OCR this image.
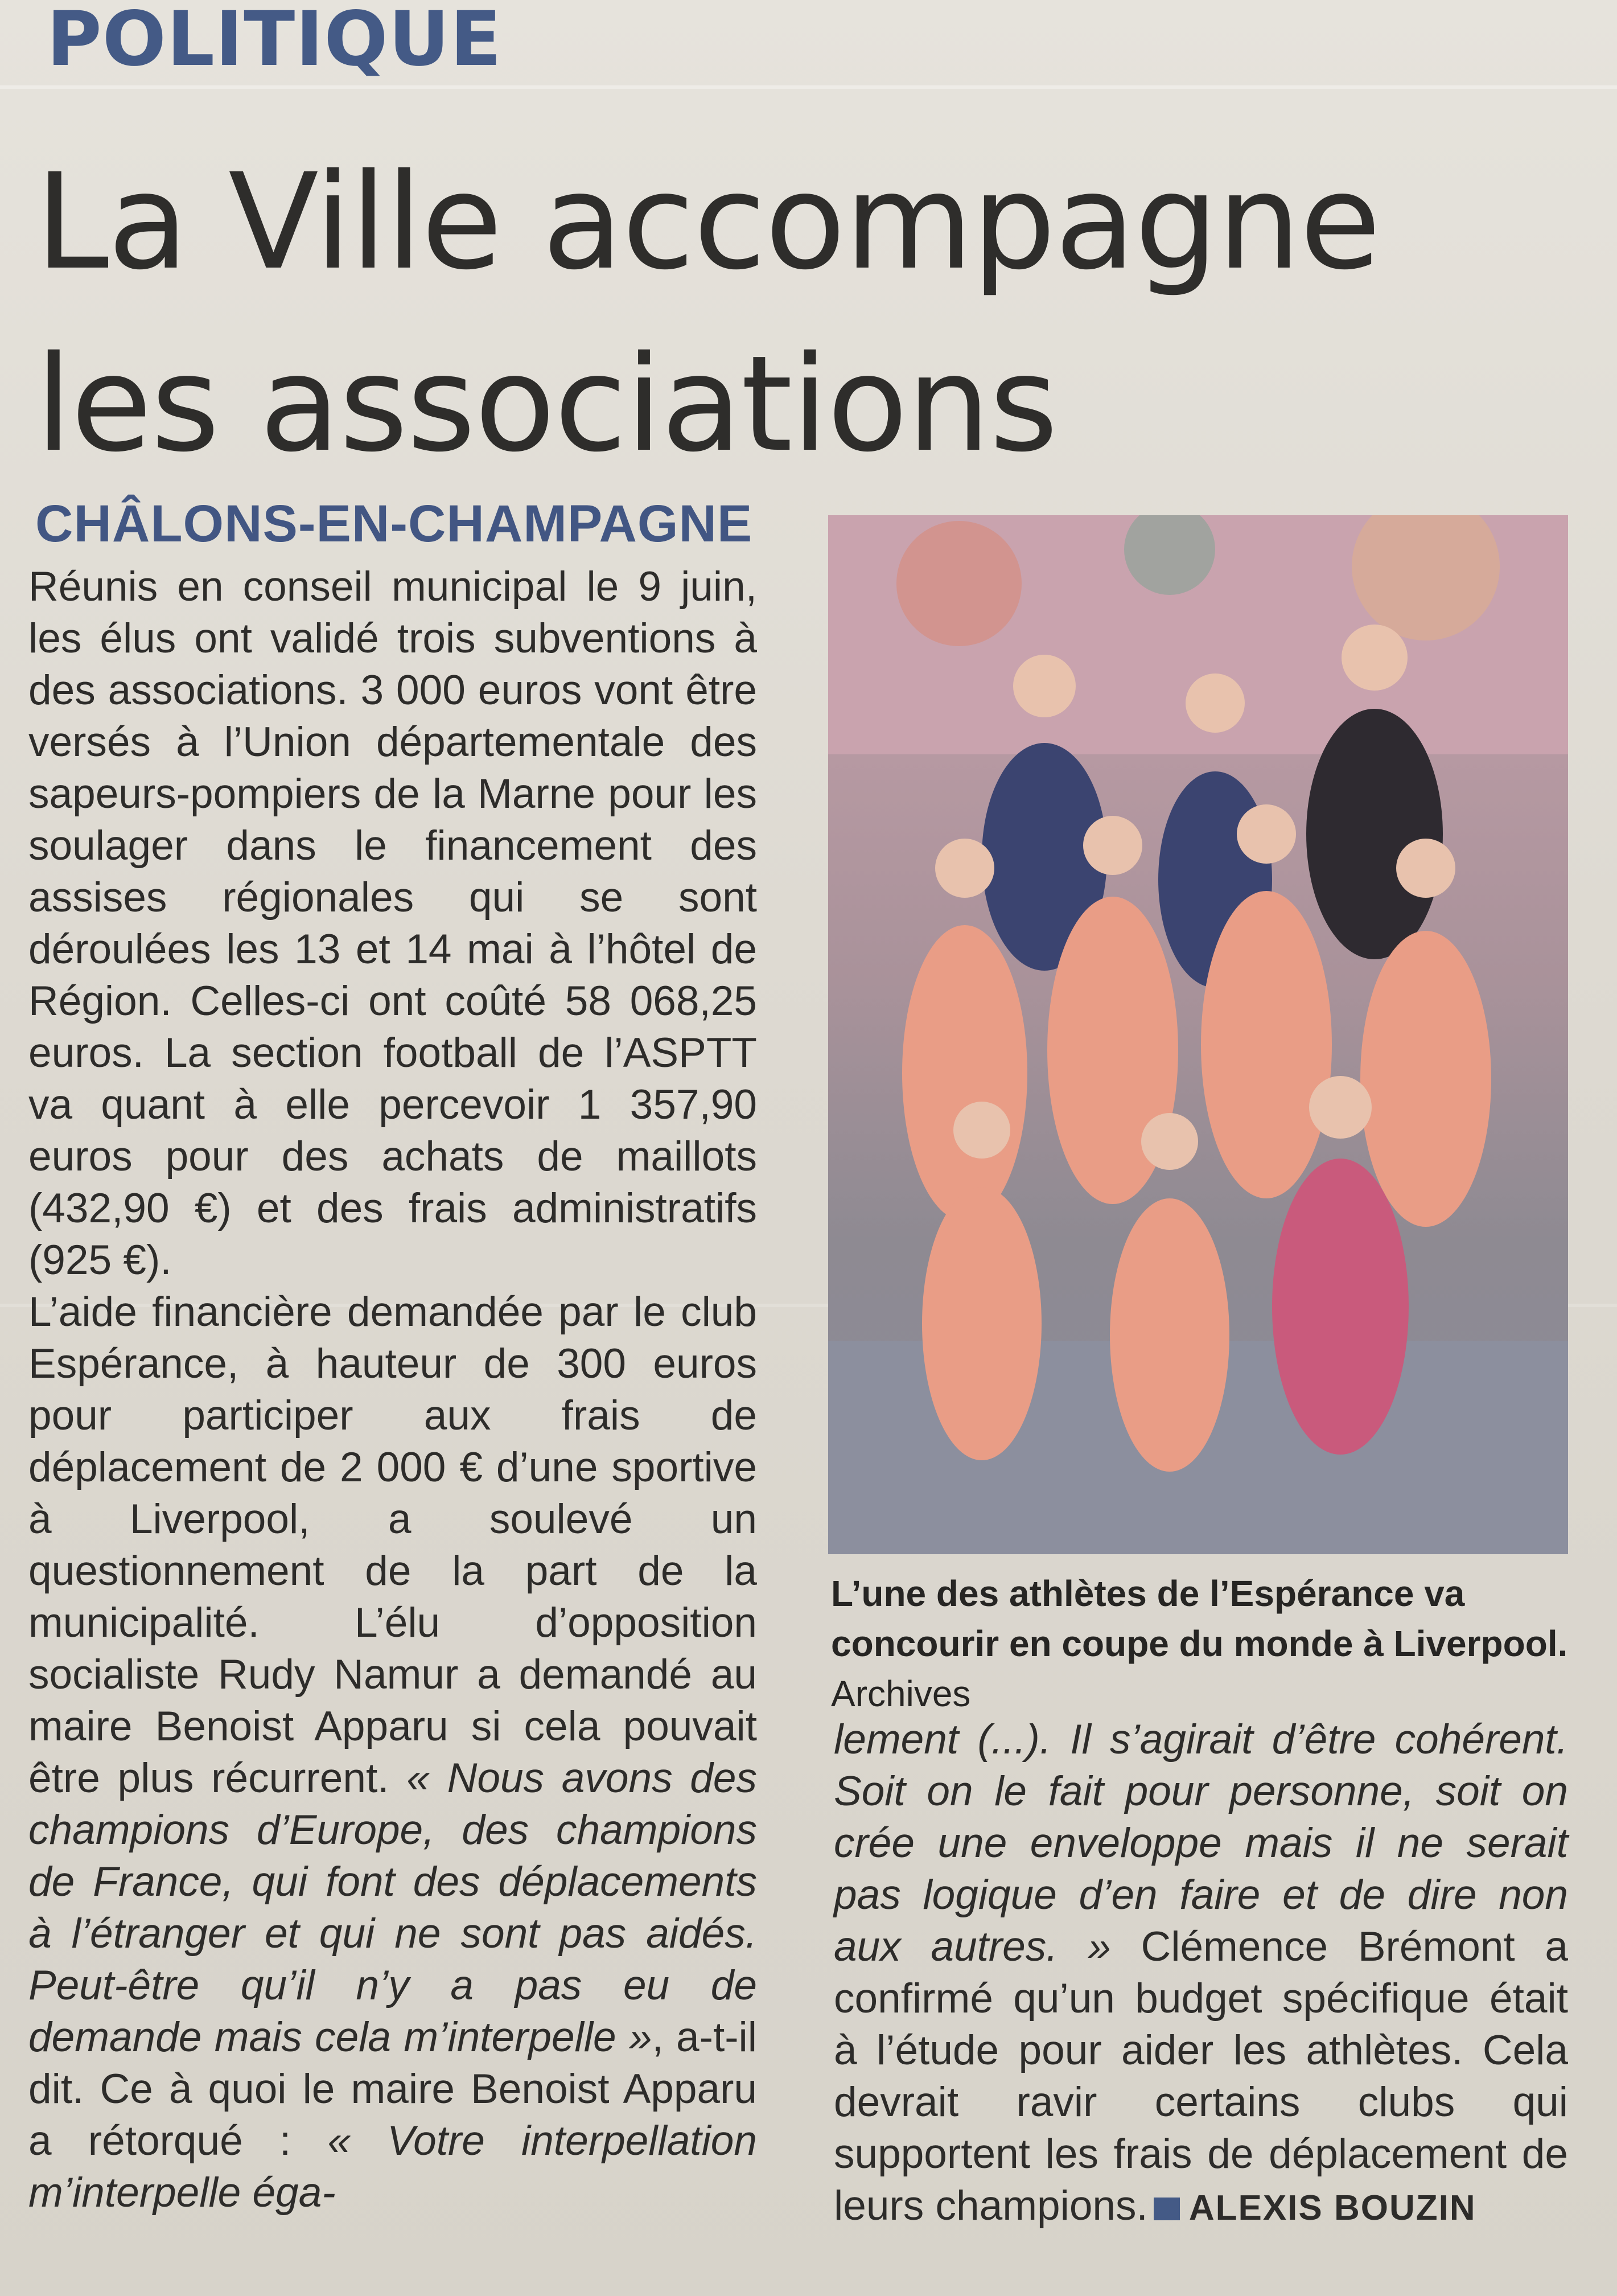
POLITIQUE
La Ville accompagne
les associations
CHÂLONS-EN-CHAMPAGNE

Réunis en conseil municipal le 9 juin, les élus ont validé trois subventions à des associations. 3 000 euros vont être versés à l’Union départementale des sapeurs-pompiers de la Marne pour les soulager dans le financement des assises régionales qui se sont déroulées les 13 et 14 mai à l’hôtel de Région. Celles-ci ont coûté 58 068,25 euros. La section football de l’ASPTT va quant à elle percevoir 1 357,90 euros pour des achats de maillots (432,90 €) et des frais administratifs (925 €).

L’aide financière demandée par le club Espérance, à hauteur de 300 euros pour participer aux frais de déplacement de 2 000 € d’une sportive à Liverpool, a soulevé un questionnement de la part de la municipalité. L’élu d’opposition socialiste Rudy Namur a demandé au maire Benoist Apparu si cela pouvait être plus récurrent. « Nous avons des champions d’Europe, des champions de France, qui font des déplacements à l’étranger et qui ne sont pas aidés. Peut-être qu’il n’y a pas eu de demande mais cela m’interpelle », a-t-il dit. Ce à quoi le maire Benoist Apparu a rétorqué : « Votre interpellation m’interpelle éga-

L’une des athlètes de l’Espérance va concourir en coupe du monde à Liverpool. Archives

lement (...). Il s’agirait d’être cohérent. Soit on le fait pour personne, soit on crée une enveloppe mais il ne serait pas logique d’en faire et de dire non aux autres. » Clémence Brémont a confirmé qu’un budget spécifique était à l’étude pour aider les athlètes. Cela devrait ravir certains clubs qui supportent les frais de déplacement de leurs champions. ALEXIS BOUZIN
